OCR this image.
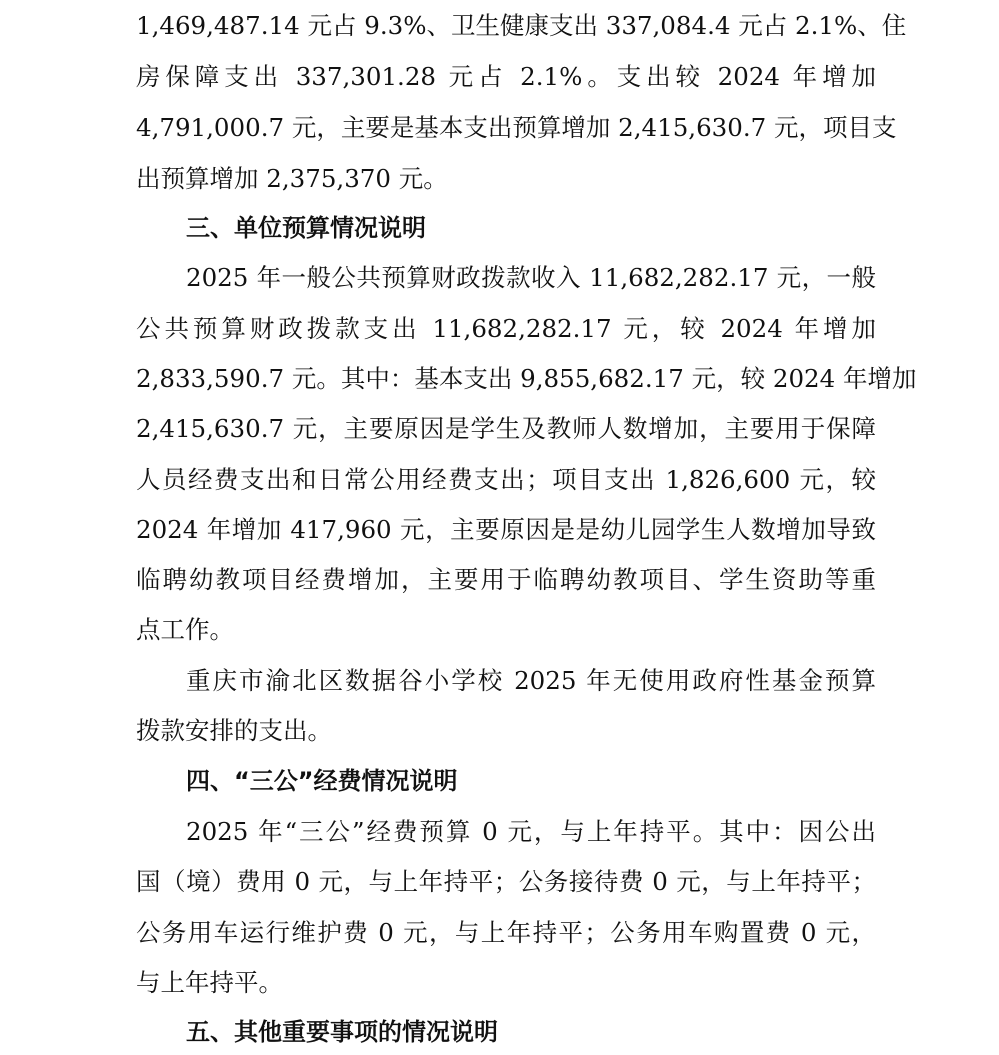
1,469,487.14 元占 9.3%、卫生健康支出 337,084.4 元占 2.1%、住
房保障支出 337,301.28 元占 2.1%。支出较 2024 年增加
4,791,000.7 元，主要是基本支出预算增加 2,415,630.7 元，项目支
出预算增加 2,375,370 元。
三、单位预算情况说明
2025 年一般公共预算财政拨款收入 11,682,282.17 元，一般
公共预算财政拨款支出 11,682,282.17 元，较 2024 年增加
2,833,590.7 元。其中：基本支出 9,855,682.17 元，较 2024 年增加
2,415,630.7 元，主要原因是学生及教师人数增加，主要用于保障
人员经费支出和日常公用经费支出；项目支出 1,826,600 元，较
2024 年增加 417,960 元，主要原因是是幼儿园学生人数增加导致
临聘幼教项目经费增加，主要用于临聘幼教项目、学生资助等重
点工作。
重庆市渝北区数据谷小学校 2025 年无使用政府性基金预算
拨款安排的支出。
四、“三公”经费情况说明
2025 年“三公”经费预算 0 元，与上年持平。其中：因公出
国（境）费用 0 元，与上年持平；公务接待费 0 元，与上年持平；
公务用车运行维护费 0 元，与上年持平；公务用车购置费 0 元，
与上年持平。
五、其他重要事项的情况说明
